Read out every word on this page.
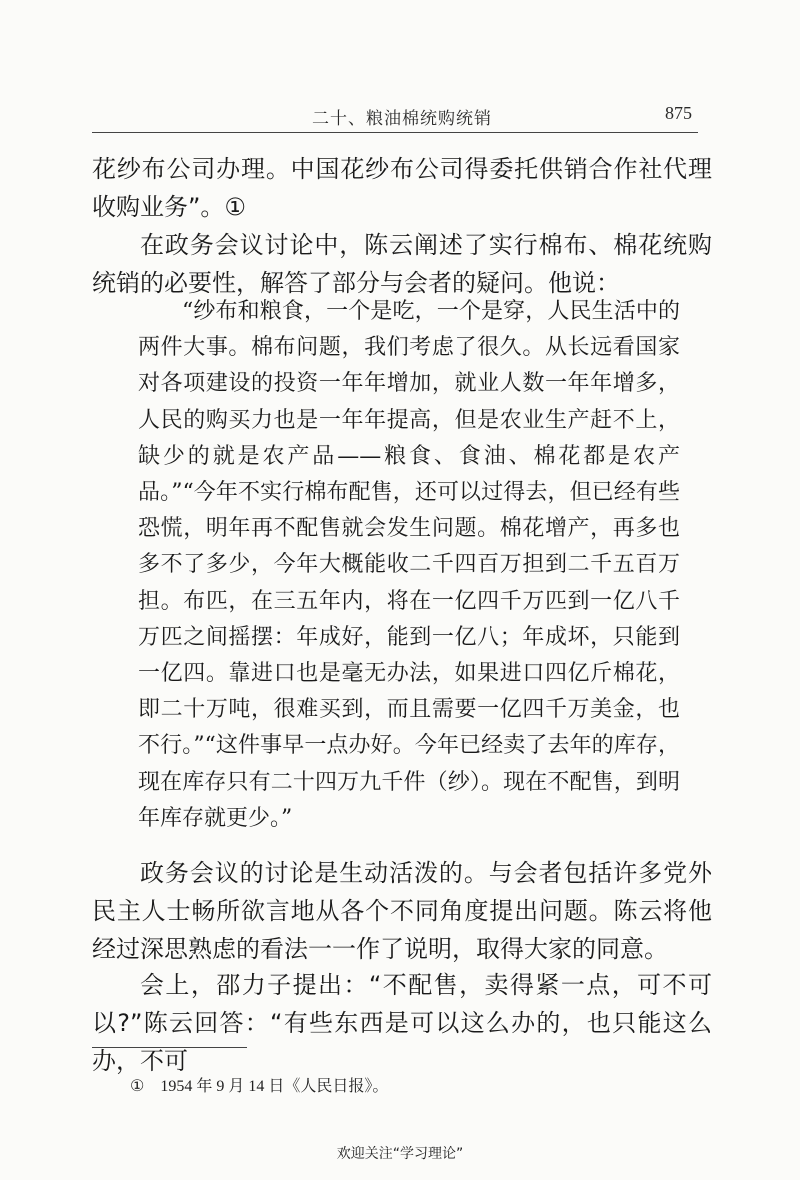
二十、粮油棉统购统销	875

花纱布公司办理。中国花纱布公司得委托供销合作社代理收购业务”。①

在政务会议讨论中，陈云阐述了实行棉布、棉花统购统销的必要性，解答了部分与会者的疑问。他说：

“纱布和粮食，一个是吃，一个是穿，人民生活中的两件大事。棉布问题，我们考虑了很久。从长远看国家对各项建设的投资一年年增加，就业人数一年年增多，人民的购买力也是一年年提高，但是农业生产赶不上，缺少的就是农产品——粮食、食油、棉花都是农产品。”“今年不实行棉布配售，还可以过得去，但已经有些恐慌，明年再不配售就会发生问题。棉花增产，再多也多不了多少，今年大概能收二千四百万担到二千五百万担。布匹，在三五年内，将在一亿四千万匹到一亿八千万匹之间摇摆：年成好，能到一亿八；年成坏，只能到一亿四。靠进口也是毫无办法，如果进口四亿斤棉花，即二十万吨，很难买到，而且需要一亿四千万美金，也不行。”“这件事早一点办好。今年已经卖了去年的库存，现在库存只有二十四万九千件（纱）。现在不配售，到明年库存就更少。”

政务会议的讨论是生动活泼的。与会者包括许多党外民主人士畅所欲言地从各个不同角度提出问题。陈云将他经过深思熟虑的看法一一作了说明，取得大家的同意。

会上，邵力子提出：“不配售，卖得紧一点，可不可以?”陈云回答：“有些东西是可以这么办的，也只能这么办，不可

① 1954 年 9 月 14 日《人民日报》。
欢迎关注“学习理论”
